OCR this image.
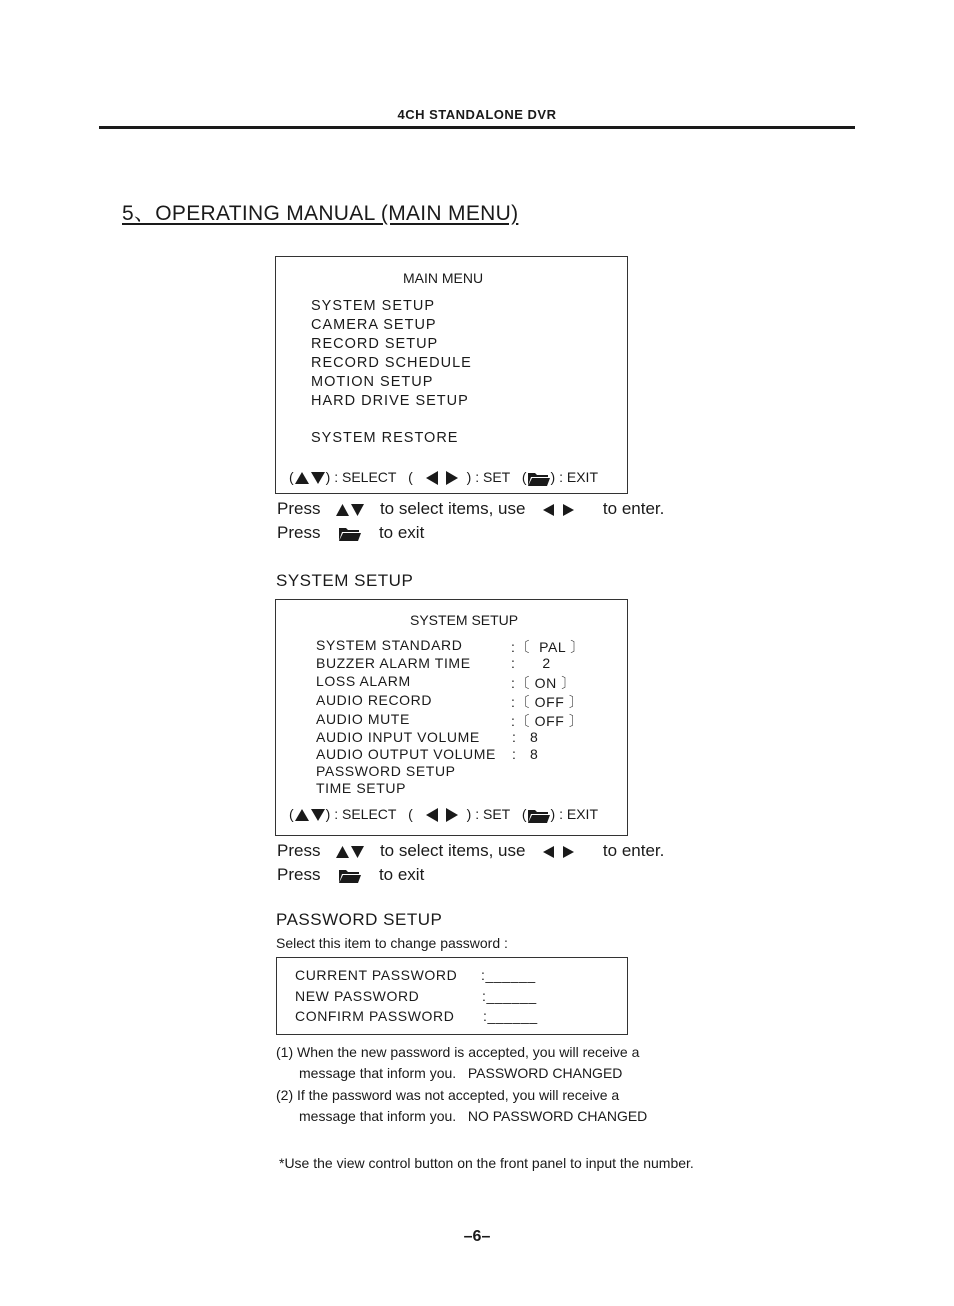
4CH STANDALONE DVR
5、OPERATING MANUAL (MAIN MENU)
MAIN MENU
SYSTEM SETUP
CAMERA SETUP
RECORD SETUP
RECORD SCHEDULE
MOTION SETUP
HARD DRIVE SETUP
SYSTEM RESTORE
( ) : SELECT (	) : SET ( ) : EXIT
Press	to select items, use	to enter.
Press	to exit
SYSTEM SETUP
SYSTEM SETUP
SYSTEM STANDARD	:〔  PAL 〕
BUZZER ALARM TIME	:      2
LOSS ALARM	:〔 ON 〕
AUDIO RECORD	:〔 OFF 〕
AUDIO MUTE	:〔 OFF 〕
AUDIO INPUT VOLUME :   8
AUDIO OUTPUT VOLUME :   8
PASSWORD SETUP
TIME SETUP
( ) : SELECT (	) : SET ( ) : EXIT
Press	to select items, use	to enter.
Press	to exit
PASSWORD SETUP
Select this item to change password :
CURRENT PASSWORD :______
NEW PASSWORD	:______
CONFIRM PASSWORD :______
(1) When the new password is accepted, you will receive a
message that inform you.   PASSWORD CHANGED
(2) If the password was not accepted, you will receive a
message that inform you.   NO PASSWORD CHANGED
*Use the view control button on the front panel to input the number.
–6–
